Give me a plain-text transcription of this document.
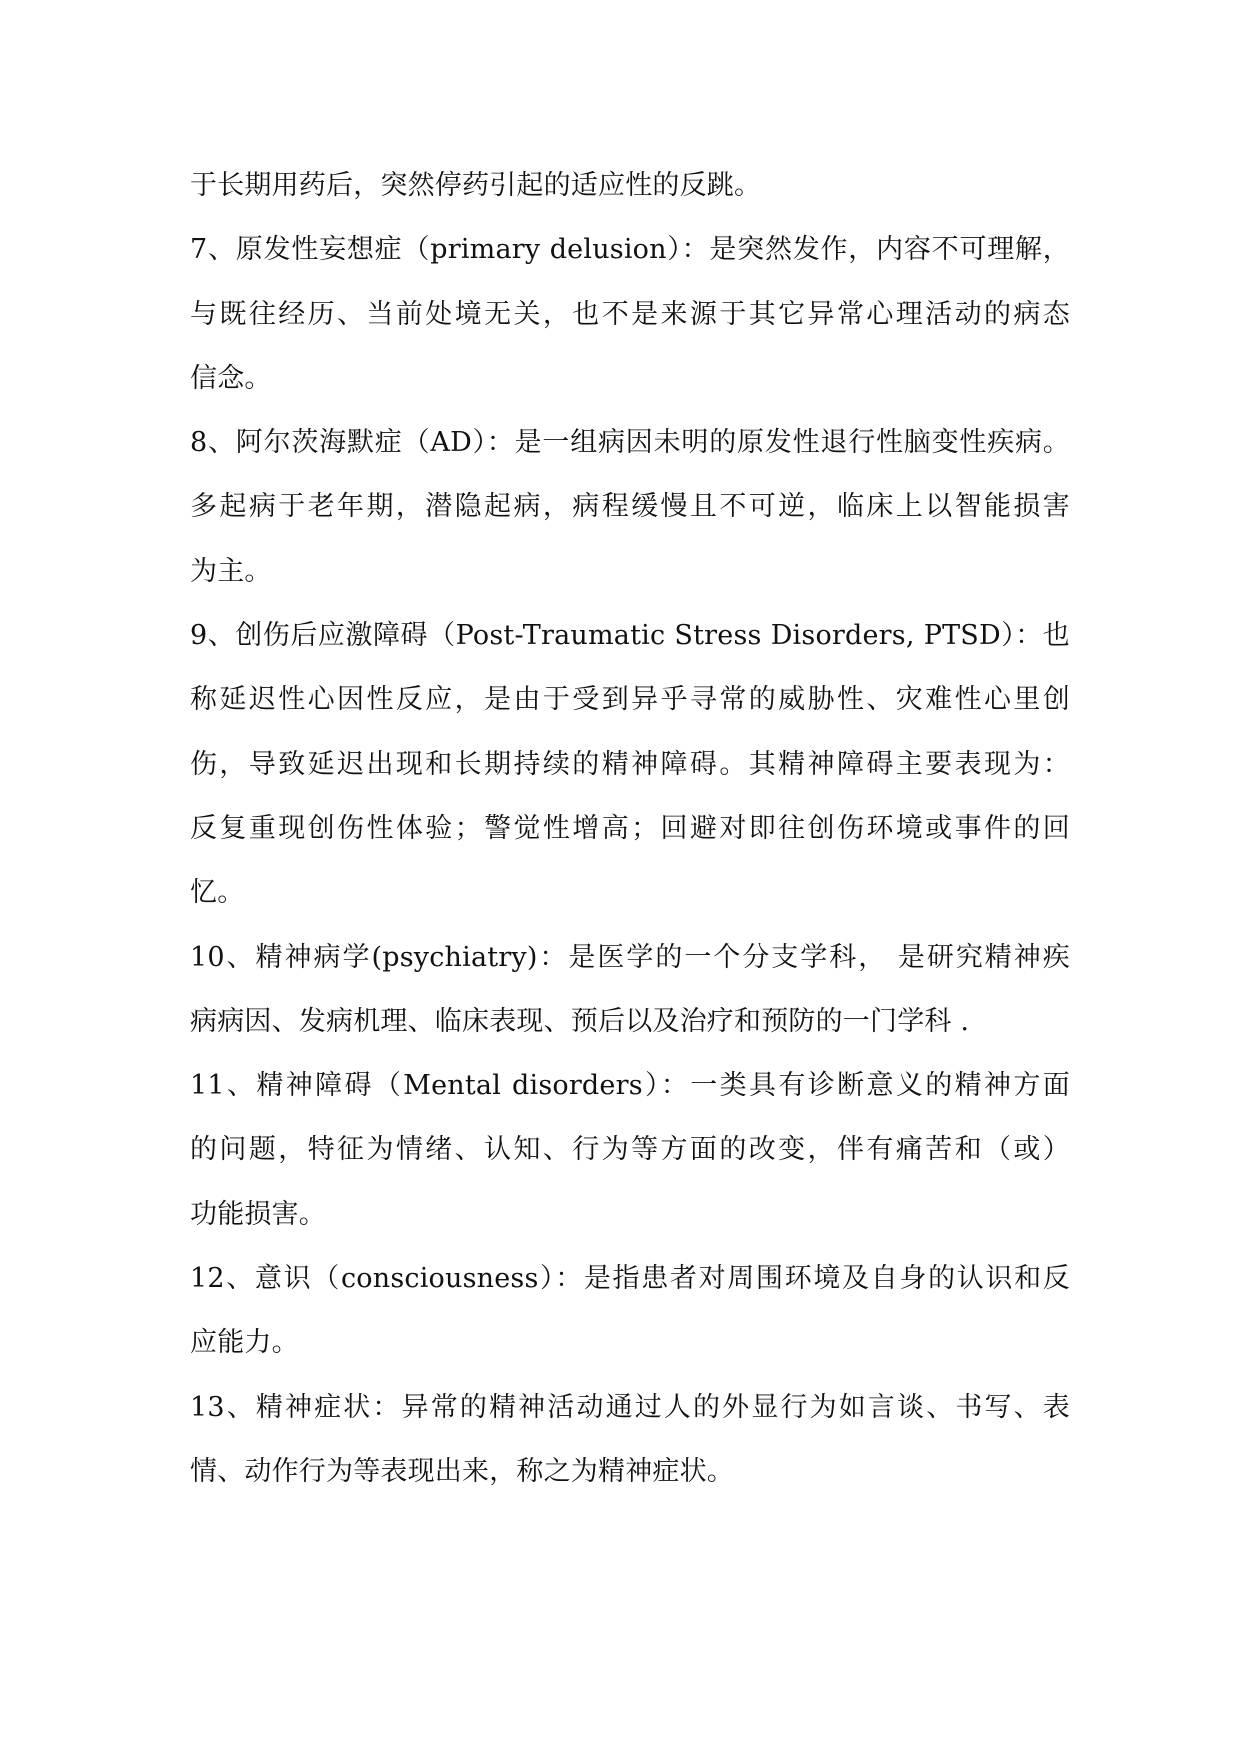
于长期用药后，突然停药引起的适应性的反跳。
7、原发性妄想症（primary delusion）：是突然发作，内容不可理解，
与既往经历、当前处境无关，也不是来源于其它异常心理活动的病态
信念。
8、阿尔茨海默症（AD）：是一组病因未明的原发性退行性脑变性疾病。
多起病于老年期，潜隐起病，病程缓慢且不可逆，临床上以智能损害
为主。
9、创伤后应激障碍（Post-Traumatic Stress Disorders, PTSD）：也
称延迟性心因性反应，是由于受到异乎寻常的威胁性、灾难性心里创
伤，导致延迟出现和长期持续的精神障碍。其精神障碍主要表现为：
反复重现创伤性体验；警觉性增高；回避对即往创伤环境或事件的回
忆。
10、精神病学(psychiatry)：是医学的一个分支学科， 是研究精神疾
病病因、发病机理、临床表现、预后以及治疗和预防的一门学科 .
11、精神障碍（Mental disorders）：一类具有诊断意义的精神方面
的问题，特征为情绪、认知、行为等方面的改变，伴有痛苦和（或）
功能损害。
12、意识（consciousness）：是指患者对周围环境及自身的认识和反
应能力。
13、精神症状：异常的精神活动通过人的外显行为如言谈、书写、表
情、动作行为等表现出来，称之为精神症状。
